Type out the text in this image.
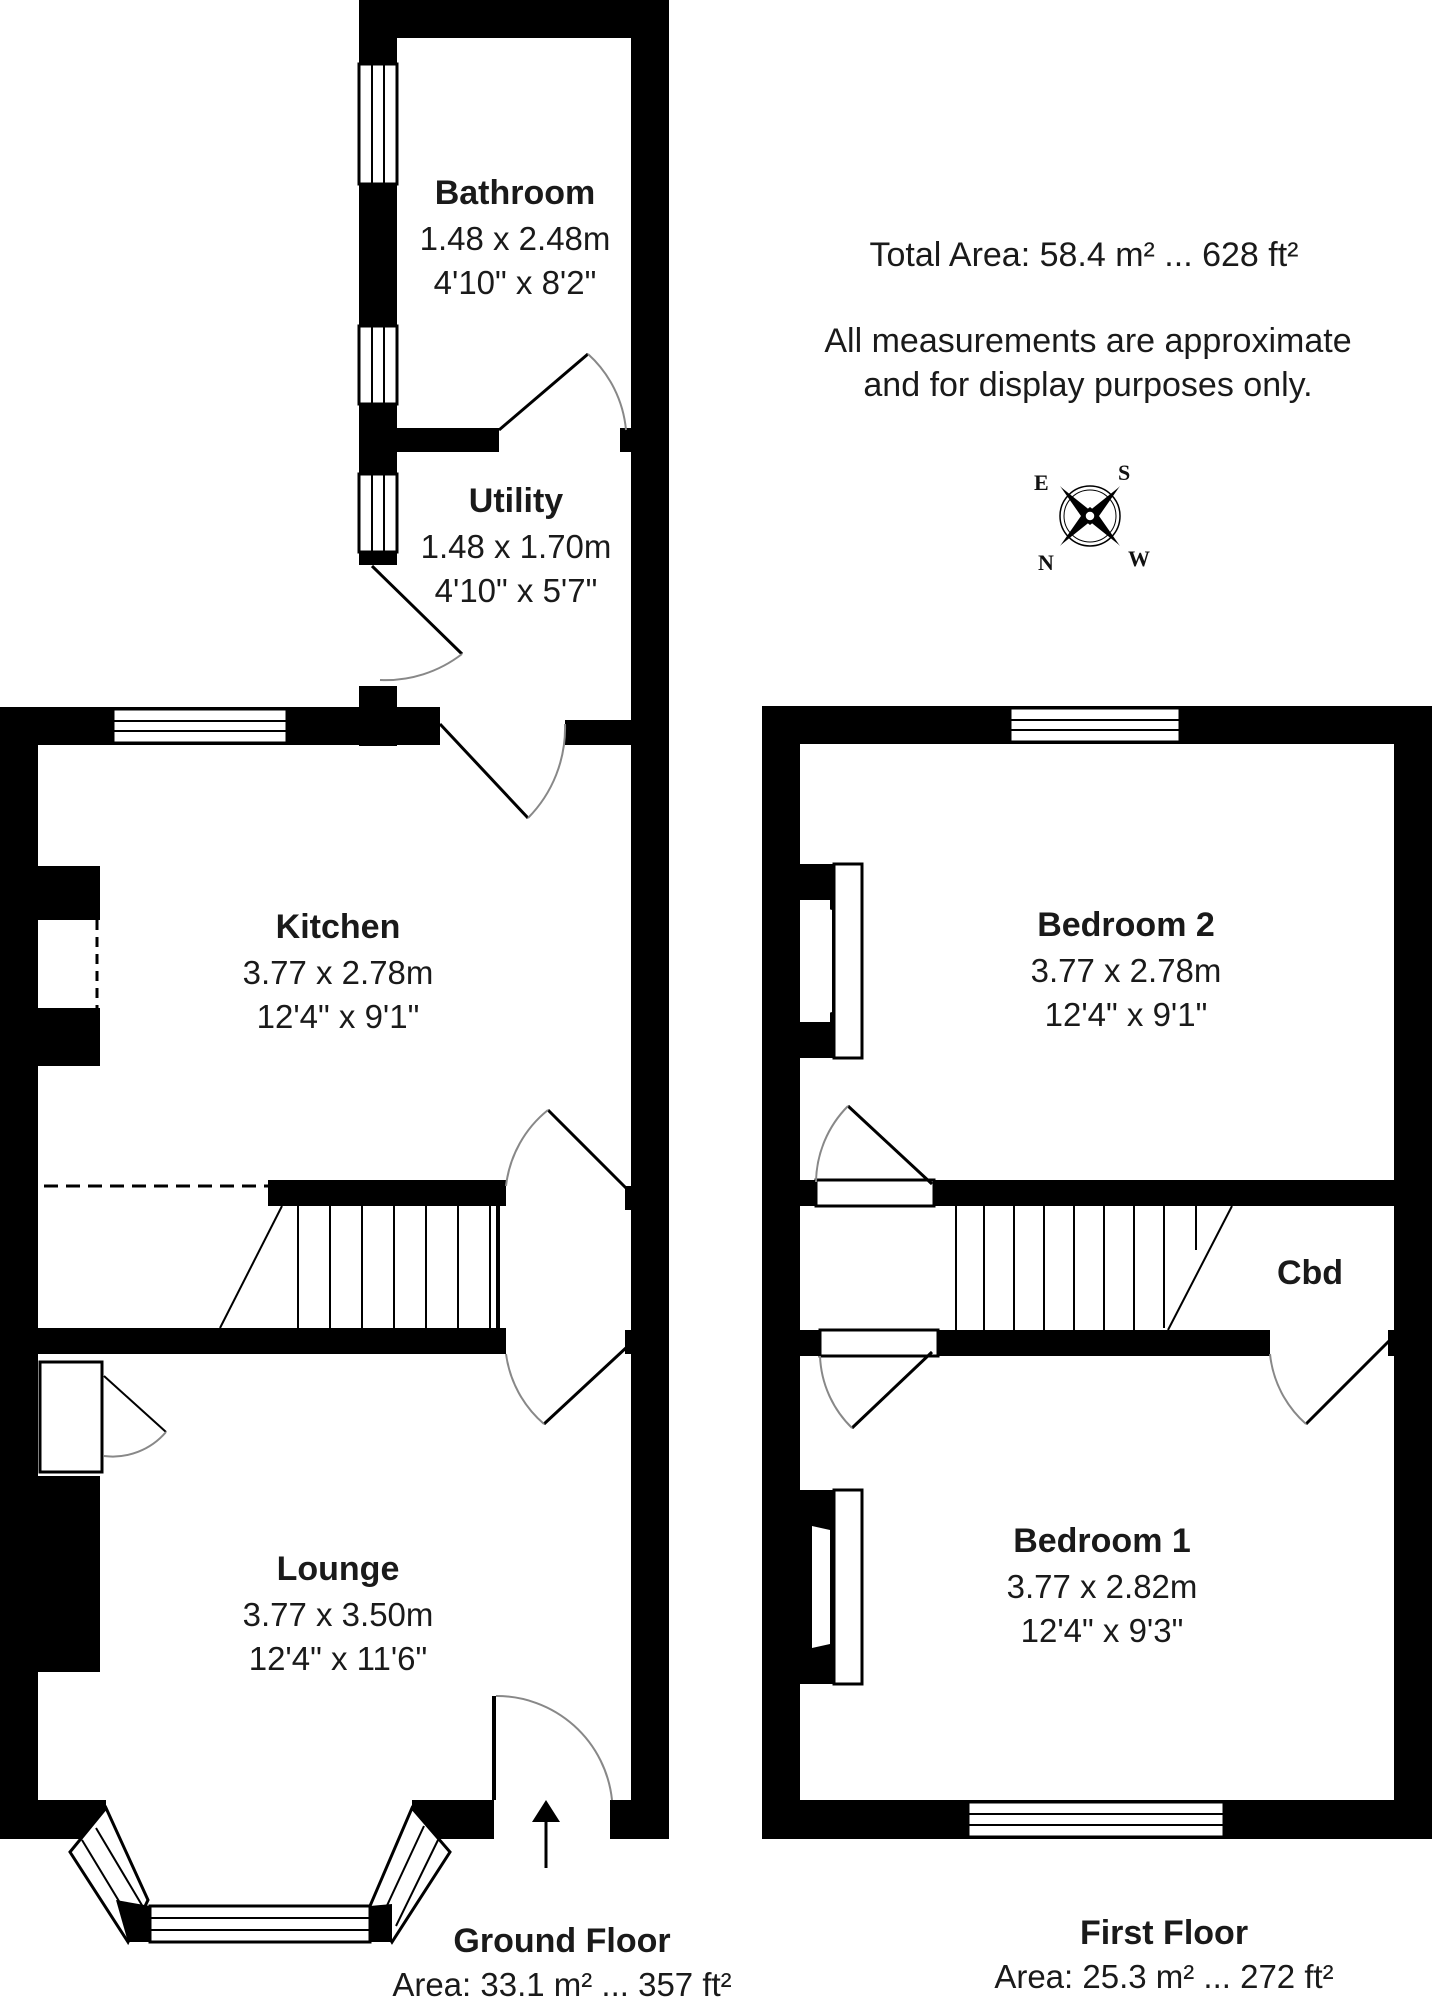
E	S
N	W
Total Area: 58.4 m² ... 628 ft²
All measurements are approximate
and for display purposes only.
Bathroom
1.48 x 2.48m
4'10" x 8'2"
Utility
1.48 x 1.70m
4'10" x 5'7"
Kitchen
3.77 x 2.78m
12'4" x 9'1"
Lounge
3.77 x 3.50m
12'4" x 11'6"
Bedroom 2
3.77 x 2.78m
12'4" x 9'1"
Cbd
Bedroom 1
3.77 x 2.82m
12'4" x 9'3"
Ground Floor
Area: 33.1 m² ... 357 ft²
First Floor
Area: 25.3 m² ... 272 ft²
